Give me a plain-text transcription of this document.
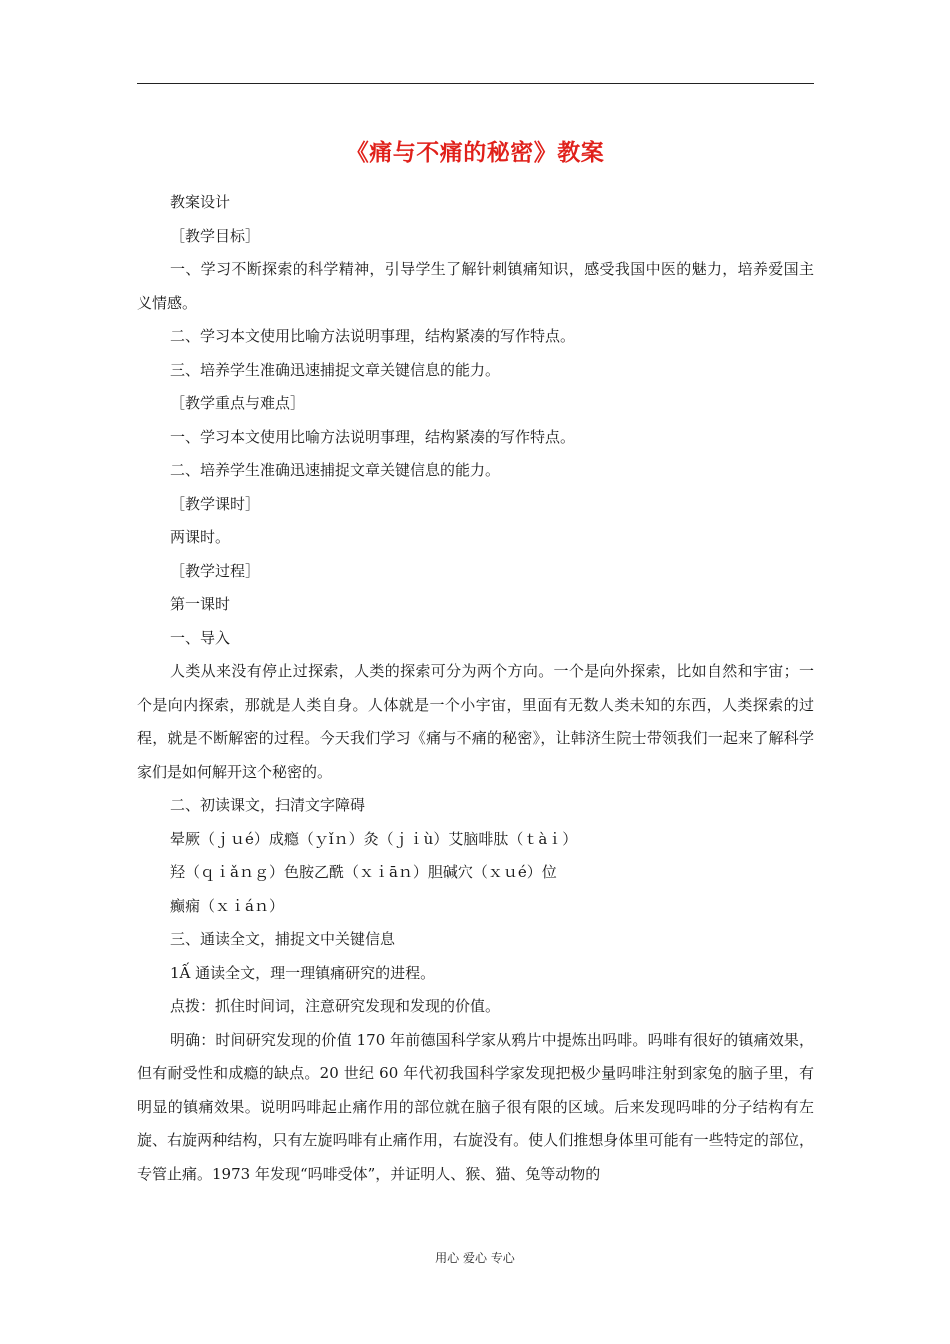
《痛与不痛的秘密》教案

教案设计

［教学目标］

一、学习不断探索的科学精神，引导学生了解针刺镇痛知识，感受我国中医的魅力，培养爱国主义情感。

二、学习本文使用比喻方法说明事理，结构紧凑的写作特点。

三、培养学生准确迅速捕捉文章关键信息的能力。

［教学重点与难点］

一、学习本文使用比喻方法说明事理，结构紧凑的写作特点。

二、培养学生准确迅速捕捉文章关键信息的能力。

［教学课时］

两课时。

［教学过程］

第一课时

一、导入

人类从来没有停止过探索，人类的探索可分为两个方向。一个是向外探索，比如自然和宇宙；一个是向内探索，那就是人类自身。人体就是一个小宇宙，里面有无数人类未知的东西，人类探索的过程，就是不断解密的过程。今天我们学习《痛与不痛的秘密》，让韩济生院士带领我们一起来了解科学家们是如何解开这个秘密的。

二、初读课文，扫清文字障碍

晕厥（ｊｕé）成瘾（ｙǐｎ）灸（ｊｉù）艾脑啡肽（ｔàｉ）

羟（ｑｉǎｎｇ）色胺乙酰（ｘｉāｎ）胆碱穴（ｘｕé）位

癫痫（ｘｉáｎ）

三、通读全文，捕捉文中关键信息

1Ấ 通读全文，理一理镇痛研究的进程。

点拨：抓住时间词，注意研究发现和发现的价值。

明确：时间研究发现的价值 170 年前德国科学家从鸦片中提炼出吗啡。吗啡有很好的镇痛效果，但有耐受性和成瘾的缺点。20 世纪 60 年代初我国科学家发现把极少量吗啡注射到家兔的脑子里，有明显的镇痛效果。说明吗啡起止痛作用的部位就在脑子很有限的区域。后来发现吗啡的分子结构有左旋、右旋两种结构，只有左旋吗啡有止痛作用，右旋没有。使人们推想身体里可能有一些特定的部位，专管止痛。1973 年发现“吗啡受体”，并证明人、猴、猫、兔等动物的

用心 爱心 专心
